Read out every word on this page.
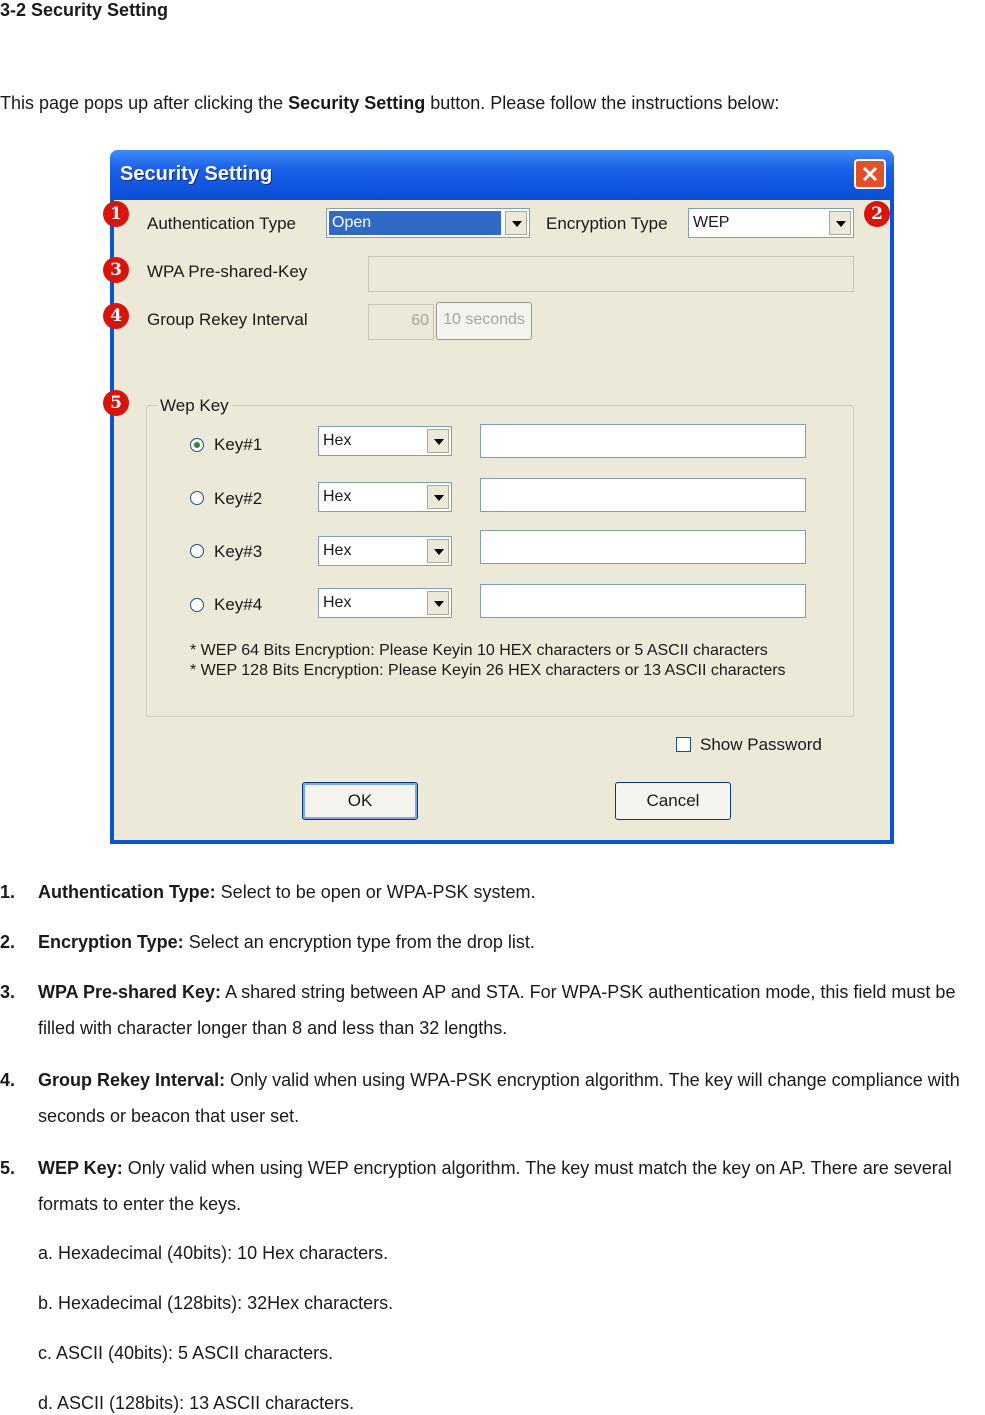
3-2 Security Setting
This page pops up after clicking the Security Setting button. Please follow the instructions below:
Security Setting
Authentication Type Open	Encryption Type WEP
WPA Pre-shared-Key
Group Rekey Interval	60 10 seconds
Wep Key
Key#1	Hex
Key#2	Hex
Key#3	Hex
Key#4	Hex
* WEP 64 Bits Encryption: Please Keyin 10 HEX characters or 5 ASCII characters
* WEP 128 Bits Encryption: Please Keyin 26 HEX characters or 13 ASCII characters
Show Password
OK	Cancel
1	2
3
4
5
1. Authentication Type: Select to be open or WPA-PSK system.
2. Encryption Type: Select an encryption type from the drop list.
3. WPA Pre-shared Key: A shared string between AP and STA. For WPA-PSK authentication mode, this field must be filled with character longer than 8 and less than 32 lengths.
4. Group Rekey Interval: Only valid when using WPA-PSK encryption algorithm. The key will change compliance with seconds or beacon that user set.
5. WEP Key: Only valid when using WEP encryption algorithm. The key must match the key on AP. There are several formats to enter the keys.
a. Hexadecimal (40bits): 10 Hex characters.
b. Hexadecimal (128bits): 32Hex characters.
c. ASCII (40bits): 5 ASCII characters.
d. ASCII (128bits): 13 ASCII characters.
